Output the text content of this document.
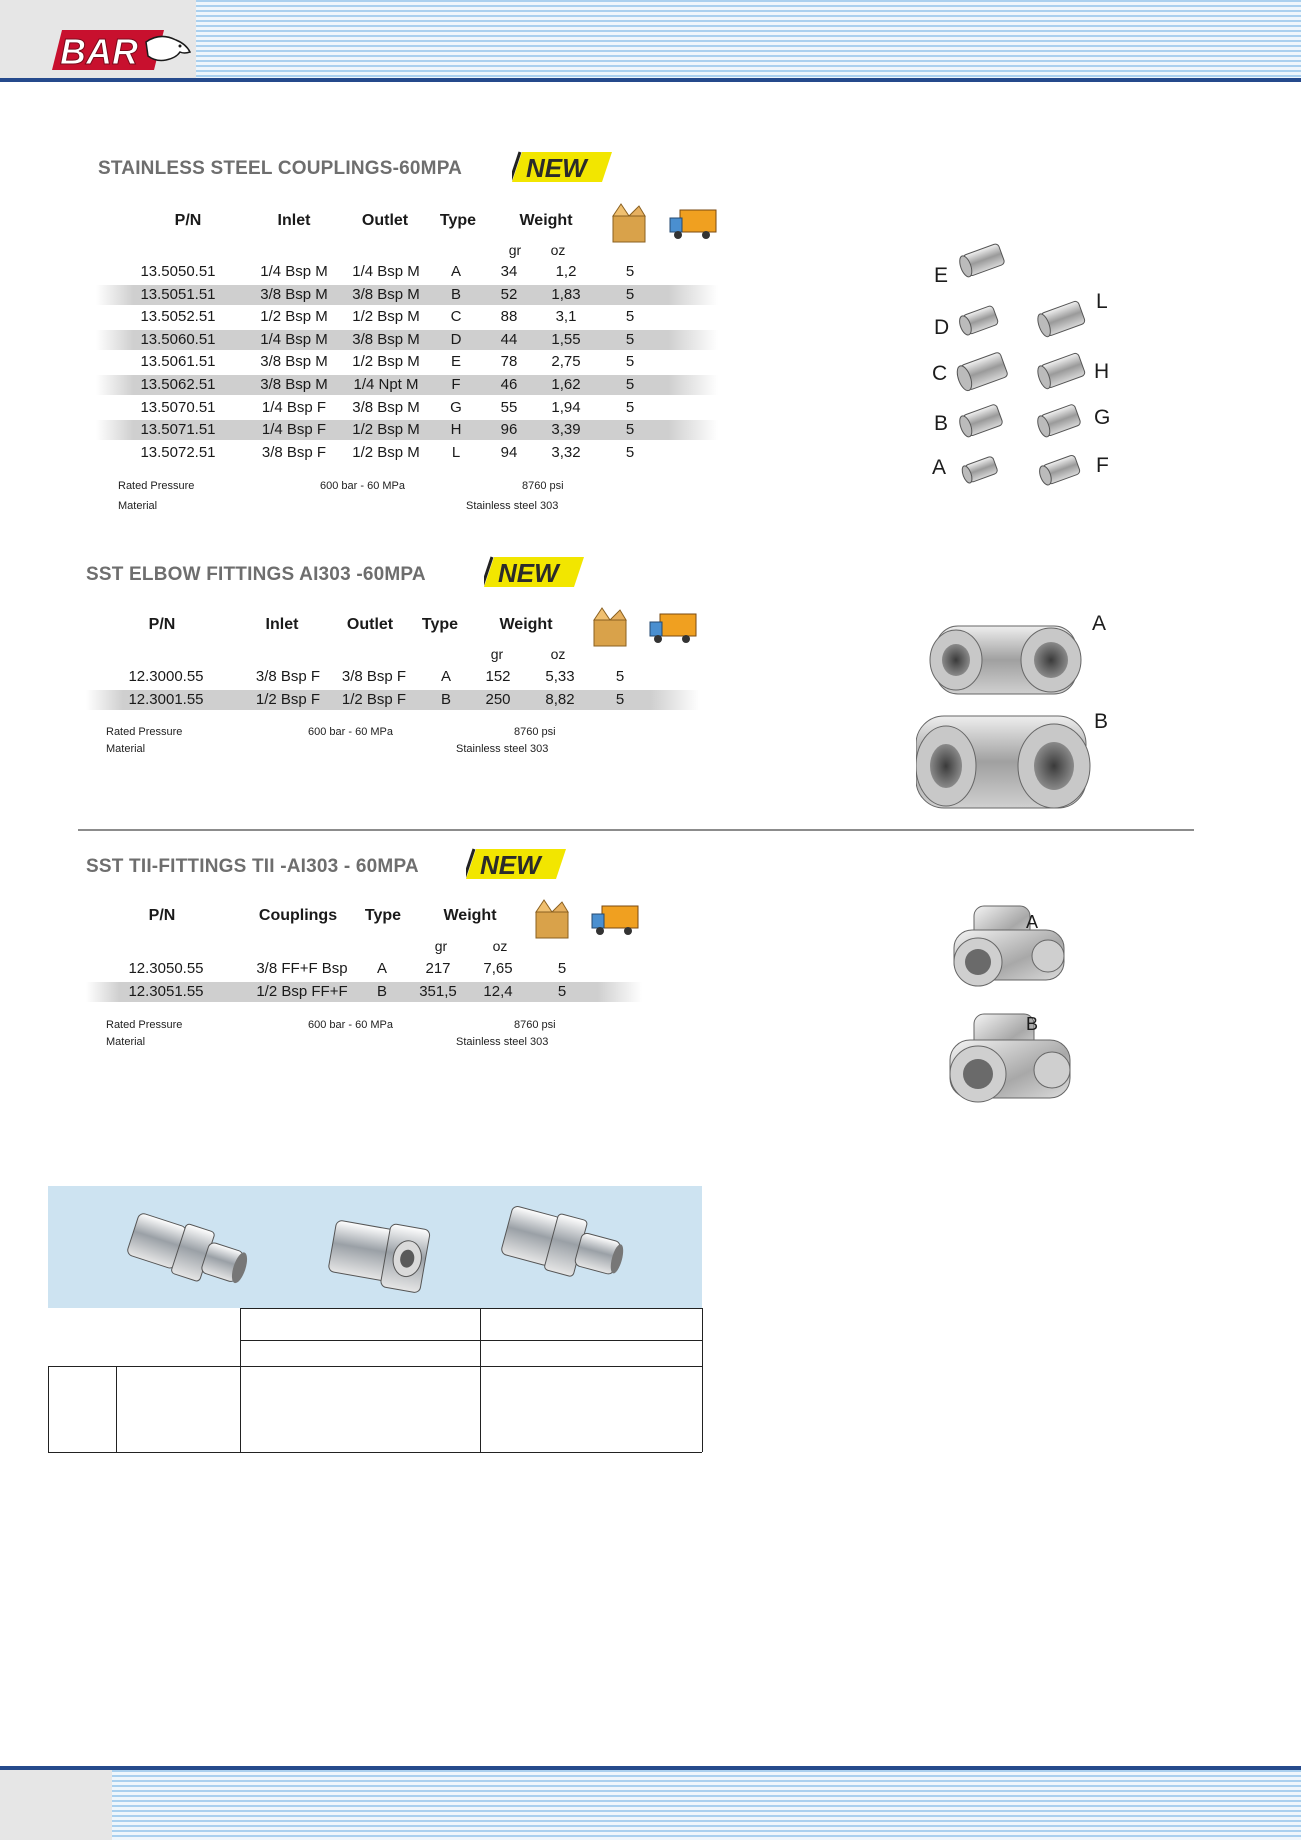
BAR
STAINLESS STEEL COUPLINGS-60MPA NEW
P/N	Inlet	Outlet	Type	Weight
gr	oz
13.5050.51	1/4 Bsp M	1/4 Bsp M	A	34	1,2	5
13.5051.51	3/8 Bsp M	3/8 Bsp M	B	52	1,83	5
13.5052.51	1/2 Bsp M	1/2 Bsp M	C	88	3,1	5
13.5060.51	1/4 Bsp M	3/8 Bsp M	D	44	1,55	5
13.5061.51	3/8 Bsp M	1/2 Bsp M	E	78	2,75	5
13.5062.51	3/8 Bsp M	1/4 Npt M	F	46	1,62	5
13.5070.51	1/4 Bsp F	3/8 Bsp M	G	55	1,94	5
13.5071.51	1/4 Bsp F	1/2 Bsp M	H	96	3,39	5
13.5072.51	3/8 Bsp F	1/2 Bsp M	L	94	3,32	5
Rated Pressure	600 bar - 60 MPa	8760 psi
Material	Stainless steel 303
E
D
L
C	H
B	G
A	F
SST ELBOW FITTINGS AI303 -60MPA	NEW
P/N	Inlet	Outlet	Type	Weight
gr	oz
12.3000.55	3/8 Bsp F	3/8 Bsp F	A	152	5,33	5
12.3001.55	1/2 Bsp F	1/2 Bsp F	B	250	8,82	5
Rated Pressure	600 bar - 60 MPa	8760 psi
Material	Stainless steel 303
A
B
SST TII-FITTINGS TII -AI303 - 60MPA NEW
P/N	Couplings	Type	Weight
gr	oz
12.3050.55	3/8 FF+F Bsp	A	217	7,65	5
12.3051.55	1/2 Bsp FF+F	B	351,5	12,4	5
Rated Pressure	600 bar - 60 MPa	8760 psi
Material	Stainless steel 303
A
B
